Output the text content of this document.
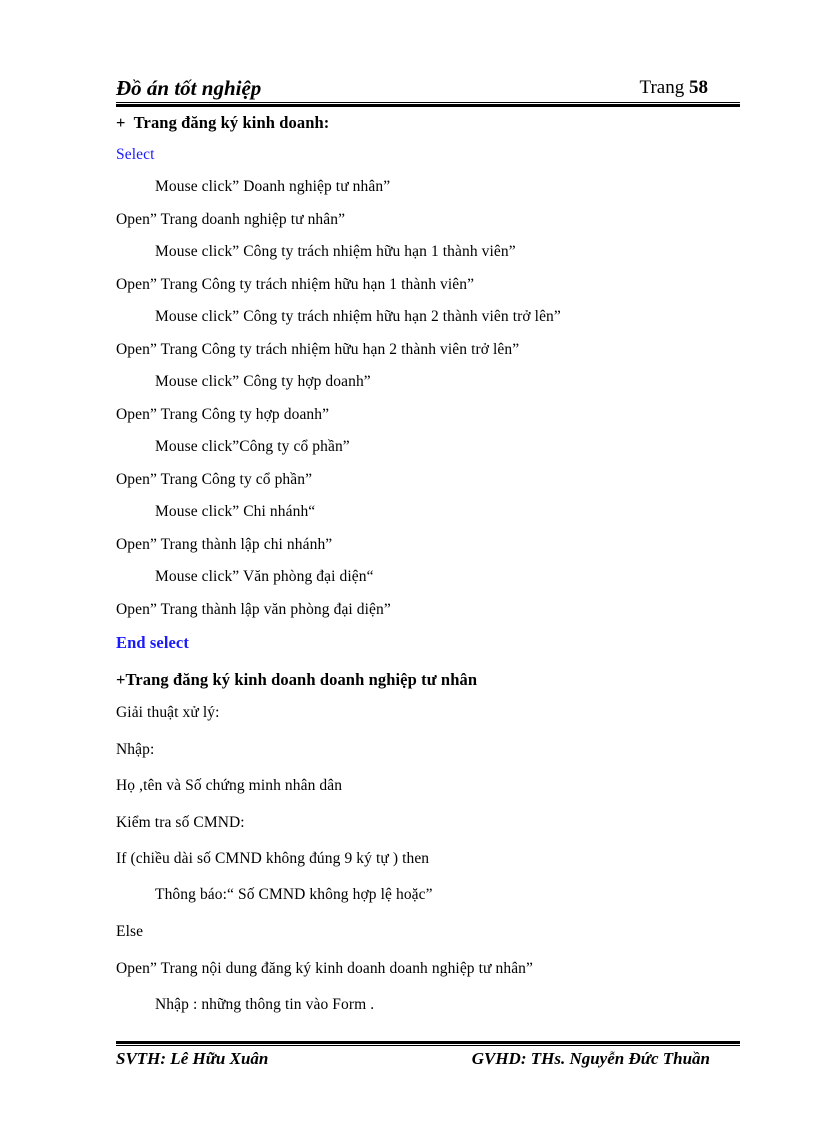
Đồ án tốt nghiệp	Trang 58
+  Trang đăng ký kinh doanh:
Select
Mouse click” Doanh nghiệp tư nhân”
Open” Trang doanh nghiệp tư nhân”
Mouse click” Công ty trách nhiệm hữu hạn 1 thành viên”
Open” Trang Công ty trách nhiệm hữu hạn 1 thành viên”
Mouse click” Công ty trách nhiệm hữu hạn 2 thành viên trở lên”
Open” Trang Công ty trách nhiệm hữu hạn 2 thành viên trở lên”
Mouse click” Công ty hợp doanh”
Open” Trang Công ty hợp doanh”
Mouse click”Công ty cổ phần”
Open” Trang Công ty cổ phần”
Mouse click” Chi nhánh“
Open” Trang thành lập chi nhánh”
Mouse click” Văn phòng đại diện“
Open” Trang thành lập văn phòng đại diện”
End select
+Trang đăng ký kinh doanh doanh nghiệp tư nhân
Giải thuật xử lý:
Nhập:
Họ ,tên và Số chứng minh nhân dân
Kiểm tra số CMND:
If (chiều dài số CMND không đúng 9 ký tự ) then
Thông báo:“ Số CMND không hợp lệ hoặc”
Else
Open” Trang nội dung đăng ký kinh doanh doanh nghiệp tư nhân”
Nhập : những thông tin vào Form .
SVTH: Lê Hữu Xuân	GVHD: THs. Nguyễn Đức Thuần
